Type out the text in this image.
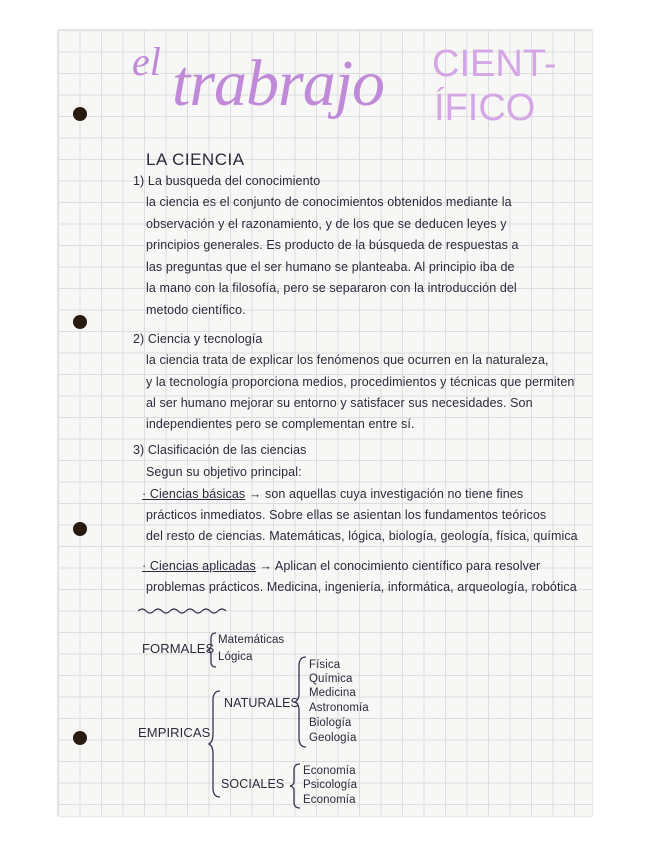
el trabrajo CIENT-
ÍFICO
LA CIENCIA
1) La busqueda del conocimiento
la ciencia es el conjunto de conocimientos obtenidos mediante la
observación y el razonamiento, y de los que se deducen leyes y
principios generales. Es producto de la búsqueda de respuestas a
las preguntas que el ser humano se planteaba. Al principio iba de
la mano con la filosofía, pero se separaron con la introducción del
metodo científico.
2) Ciencia y tecnología
la ciencia trata de explicar los fenómenos que ocurren en la naturaleza,
y la tecnología proporciona medios, procedimientos y técnicas que permiten
al ser humano mejorar su entorno y satisfacer sus necesidades. Son
independientes pero se complementan entre sí.
3) Clasificación de las ciencias
Segun su objetivo principal:
· Ciencias básicas → son aquellas cuya investigación no tiene fines
prácticos inmediatos. Sobre ellas se asientan los fundamentos teóricos
del resto de ciencias. Matemáticas, lógica, biología, geología, física, química
· Ciencias aplicadas → Aplican el conocimiento científico para resolver
problemas prácticos. Medicina, ingeniería, informática, arqueología, robótica
FORMALES
Matemáticas
Lógica
EMPIRICAS
NATURALES
Física
Química
Medicina
Astronomía
Biología
Geología
SOCIALES
Economía
Psicología
Economía
